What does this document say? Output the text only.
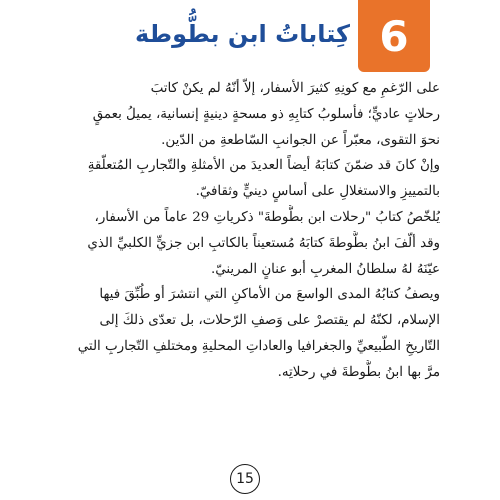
6
كِتاباتُ ابن بطُّوطة
على الرّغمِ مع كونِهِ كثيرَ الأسفار، إلاّ أنّهُ لم يكنْ كاتبَ
رحلاتٍ عاديٍّ؛ فأسلوبُ كتابِهِ ذو مسحةٍ دينيةٍ إنسانية، يميلُ بعمقٍ
نحوَ التقوى، معبّراً عن الجوانبِ السّاطعةِ من الدّين.
وإنْ كانَ قد ضمّنَ كتابَهُ أيضاً العديدَ من الأمثلةِ والتّجاربِ المُتعلّقةِ
بالتمييزِ والاستغلالِ على أساسٍ دينيٍّ وثقافيّ.
يُلخّصُ كتابُ "رحلات ابن بطُّوطةَ" ذكرياتِ 29 عاماً من الأسفار،
وقد ألّفَ ابنُ بطُّوطةَ كتابَهُ مُستعيناً بالكاتبِ ابن جزيٍّ الكلبيِّ الذي
عيّنَهُ لهُ سلطانُ المغربِ أبو عنانٍ المرينيّ.
ويصفُ كتابُهُ المدى الواسعَ من الأماكنِ التي انتشرَ أو طُبِّقَ فيها
الإسلام، لكنّهُ لم يقتصرْ على وَصفِ الرّحلات، بل تعدّى ذلكَ إلى
التّاريخِ الطّبيعيِّ والجغرافيا والعاداتِ المحليةِ ومختلفِ التّجاربِ التي
مرَّ بها ابنُ بطُّوطةَ في رحلاتِه.
15
